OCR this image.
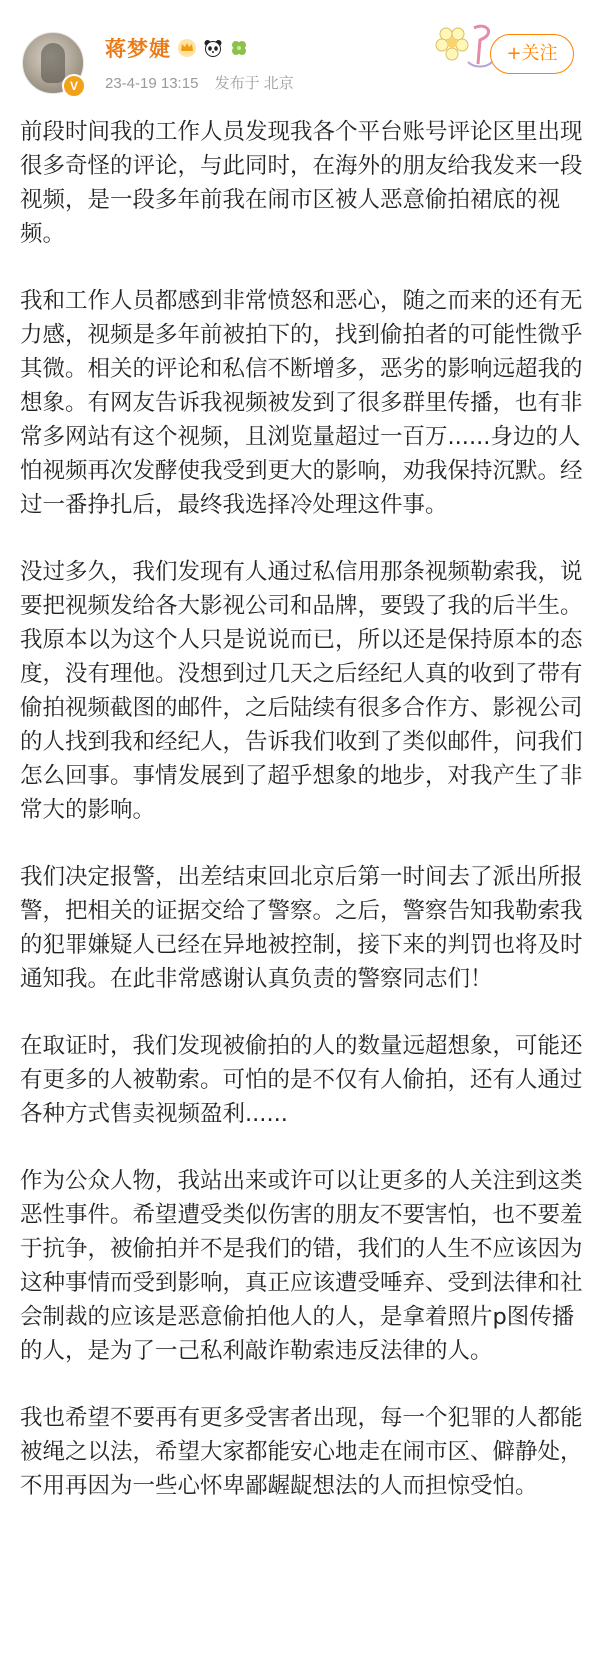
V
蒋梦婕
23-4-19 13:15 发布于 北京
+关注

前段时间我的工作人员发现我各个平台账号评论区里出现很多奇怪的评论，与此同时，在海外的朋友给我发来一段视频，是一段多年前我在闹市区被人恶意偷拍裙底的视频。

我和工作人员都感到非常愤怒和恶心，随之而来的还有无力感，视频是多年前被拍下的，找到偷拍者的可能性微乎其微。相关的评论和私信不断增多，恶劣的影响远超我的想象。有网友告诉我视频被发到了很多群里传播，也有非常多网站有这个视频，且浏览量超过一百万......身边的人怕视频再次发酵使我受到更大的影响，劝我保持沉默。经过一番挣扎后，最终我选择冷处理这件事。

没过多久，我们发现有人通过私信用那条视频勒索我，说要把视频发给各大影视公司和品牌，要毁了我的后半生。我原本以为这个人只是说说而已，所以还是保持原本的态度，没有理他。没想到过几天之后经纪人真的收到了带有偷拍视频截图的邮件，之后陆续有很多合作方、影视公司的人找到我和经纪人，告诉我们收到了类似邮件，问我们怎么回事。事情发展到了超乎想象的地步，对我产生了非常大的影响。

我们决定报警，出差结束回北京后第一时间去了派出所报警，把相关的证据交给了警察。之后，警察告知我勒索我的犯罪嫌疑人已经在异地被控制，接下来的判罚也将及时通知我。在此非常感谢认真负责的警察同志们！

在取证时，我们发现被偷拍的人的数量远超想象，可能还有更多的人被勒索。可怕的是不仅有人偷拍，还有人通过各种方式售卖视频盈利......

作为公众人物，我站出来或许可以让更多的人关注到这类恶性事件。希望遭受类似伤害的朋友不要害怕，也不要羞于抗争，被偷拍并不是我们的错，我们的人生不应该因为这种事情而受到影响，真正应该遭受唾弃、受到法律和社会制裁的应该是恶意偷拍他人的人，是拿着照片p图传播的人，是为了一己私利敲诈勒索违反法律的人。

我也希望不要再有更多受害者出现，每一个犯罪的人都能被绳之以法，希望大家都能安心地走在闹市区、僻静处，不用再因为一些心怀卑鄙龌龊想法的人而担惊受怕。
